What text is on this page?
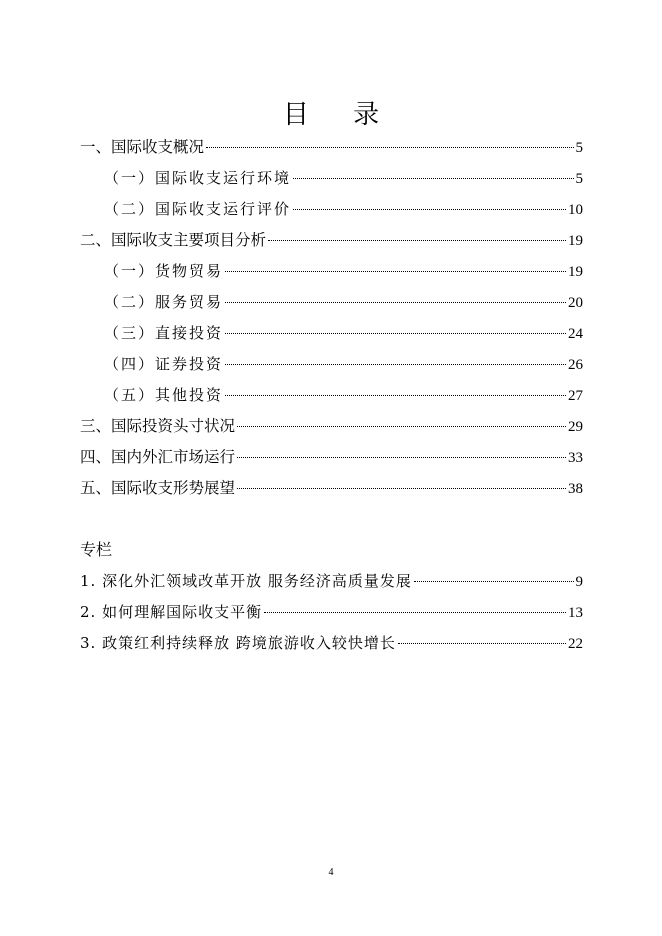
目 录
一、国际收支概况	5
（一）国际收支运行环境	5
（二）国际收支运行评价	10
二、国际收支主要项目分析	19
（一）货物贸易	19
（二）服务贸易	20
（三）直接投资	24
（四）证券投资	26
（五）其他投资	27
三、国际投资头寸状况	29
四、国内外汇市场运行	33
五、国际收支形势展望	38
专栏
1. 深化外汇领域改革开放 服务经济高质量发展	9
2. 如何理解国际收支平衡	13
3. 政策红利持续释放 跨境旅游收入较快增长	22
4
